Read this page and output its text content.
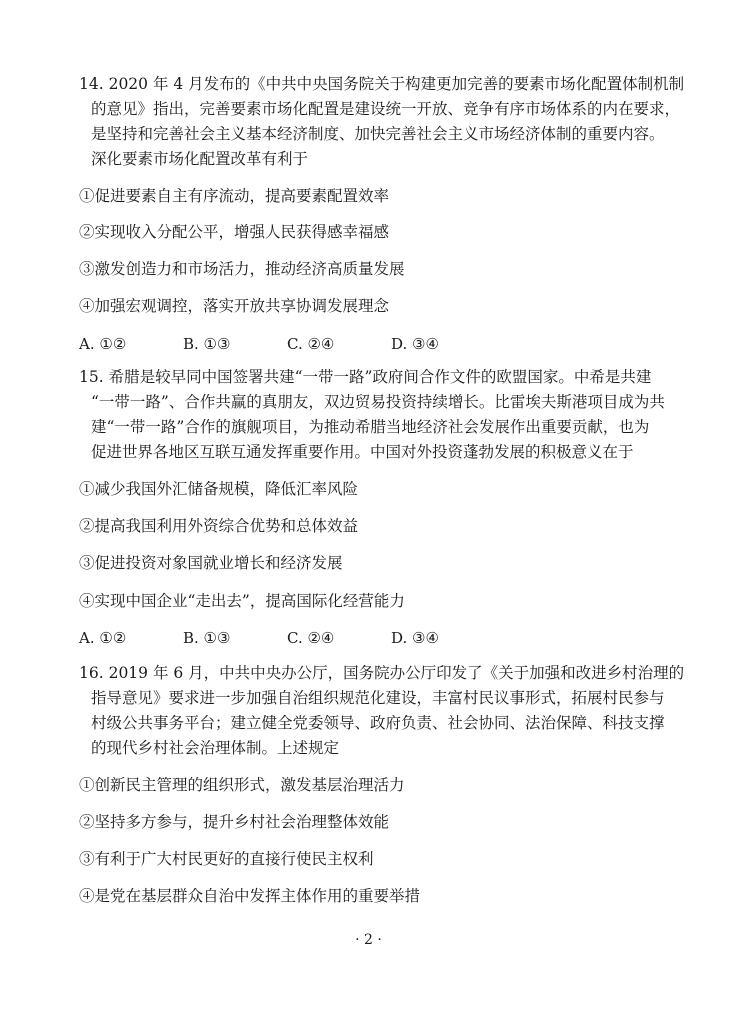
14. 2020 年 4 月发布的《中共中央国务院关于构建更加完善的要素市场化配置体制机制
的意见》指出，完善要素市场化配置是建设统一开放、竞争有序市场体系的内在要求，
是坚持和完善社会主义基本经济制度、加快完善社会主义市场经济体制的重要内容。
深化要素市场化配置改革有利于
①促进要素自主有序流动，提高要素配置效率
②实现收入分配公平，增强人民获得感幸福感
③激发创造力和市场活力，推动经济高质量发展
④加强宏观调控，落实开放共享协调发展理念
A. ①②	B. ①③	C. ②④	D. ③④
15. 希腊是较早同中国签署共建“一带一路”政府间合作文件的欧盟国家。中希是共建
“一带一路”、合作共赢的真朋友，双边贸易投资持续增长。比雷埃夫斯港项目成为共
建“一带一路”合作的旗舰项目，为推动希腊当地经济社会发展作出重要贡献，也为
促进世界各地区互联互通发挥重要作用。中国对外投资蓬勃发展的积极意义在于
①减少我国外汇储备规模，降低汇率风险
②提高我国利用外资综合优势和总体效益
③促进投资对象国就业增长和经济发展
④实现中国企业“走出去”，提高国际化经营能力
A. ①②	B. ①③	C. ②④	D. ③④
16. 2019 年 6 月，中共中央办公厅，国务院办公厅印发了《关于加强和改进乡村治理的
指导意见》要求进一步加强自治组织规范化建设，丰富村民议事形式，拓展村民参与
村级公共事务平台；建立健全党委领导、政府负责、社会协同、法治保障、科技支撑
的现代乡村社会治理体制。上述规定
①创新民主管理的组织形式，激发基层治理活力
②坚持多方参与，提升乡村社会治理整体效能
③有利于广大村民更好的直接行使民主权利
④是党在基层群众自治中发挥主体作用的重要举措
· 2 ·
